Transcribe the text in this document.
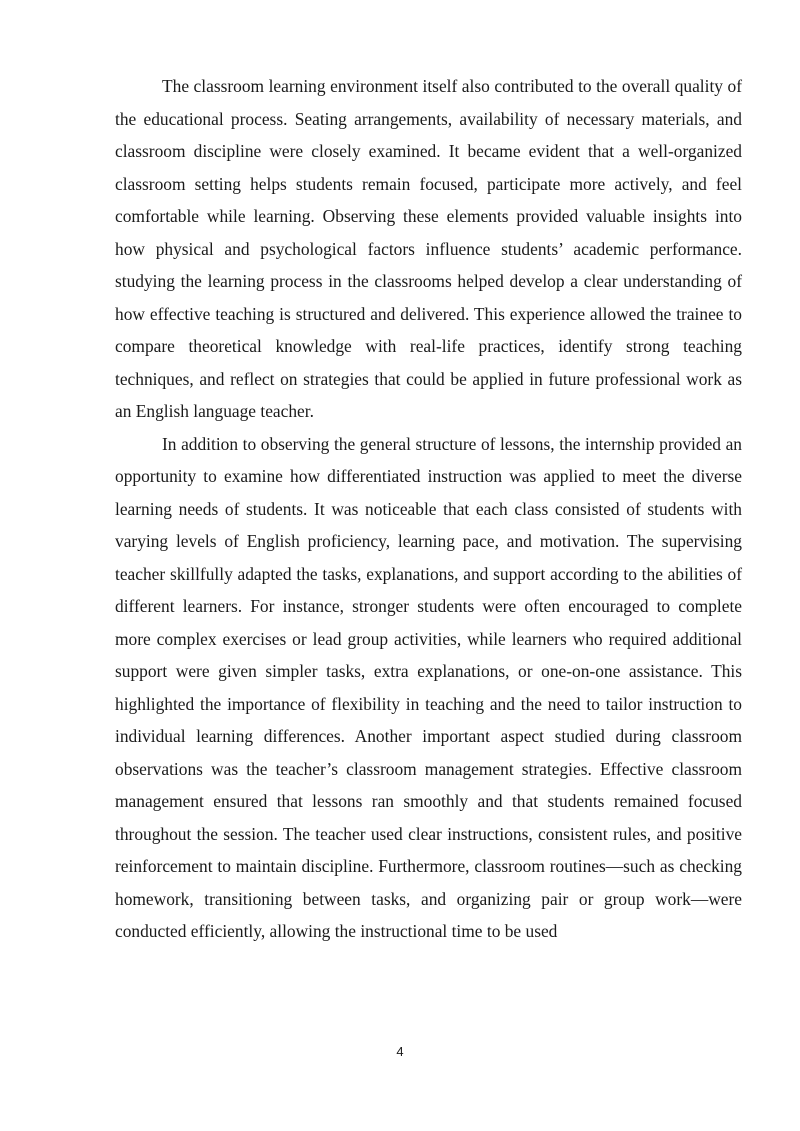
The classroom learning environment itself also contributed to the overall quality of the educational process. Seating arrangements, availability of necessary materials, and classroom discipline were closely examined. It became evident that a well-organized classroom setting helps students remain focused, participate more actively, and feel comfortable while learning. Observing these elements provided valuable insights into how physical and psychological factors influence students’ academic performance. studying the learning process in the classrooms helped develop a clear understanding of how effective teaching is structured and delivered. This experience allowed the trainee to compare theoretical knowledge with real-life practices, identify strong teaching techniques, and reflect on strategies that could be applied in future professional work as an English language teacher.

In addition to observing the general structure of lessons, the internship provided an opportunity to examine how differentiated instruction was applied to meet the diverse learning needs of students. It was noticeable that each class consisted of students with varying levels of English proficiency, learning pace, and motivation. The supervising teacher skillfully adapted the tasks, explanations, and support according to the abilities of different learners. For instance, stronger students were often encouraged to complete more complex exercises or lead group activities, while learners who required additional support were given simpler tasks, extra explanations, or one-on-one assistance. This highlighted the importance of flexibility in teaching and the need to tailor instruction to individual learning differences. Another important aspect studied during classroom observations was the teacher’s classroom management strategies. Effective classroom management ensured that lessons ran smoothly and that students remained focused throughout the session. The teacher used clear instructions, consistent rules, and positive reinforcement to maintain discipline. Furthermore, classroom routines—such as checking homework, transitioning between tasks, and organizing pair or group work—were conducted efficiently, allowing the instructional time to be used

4
